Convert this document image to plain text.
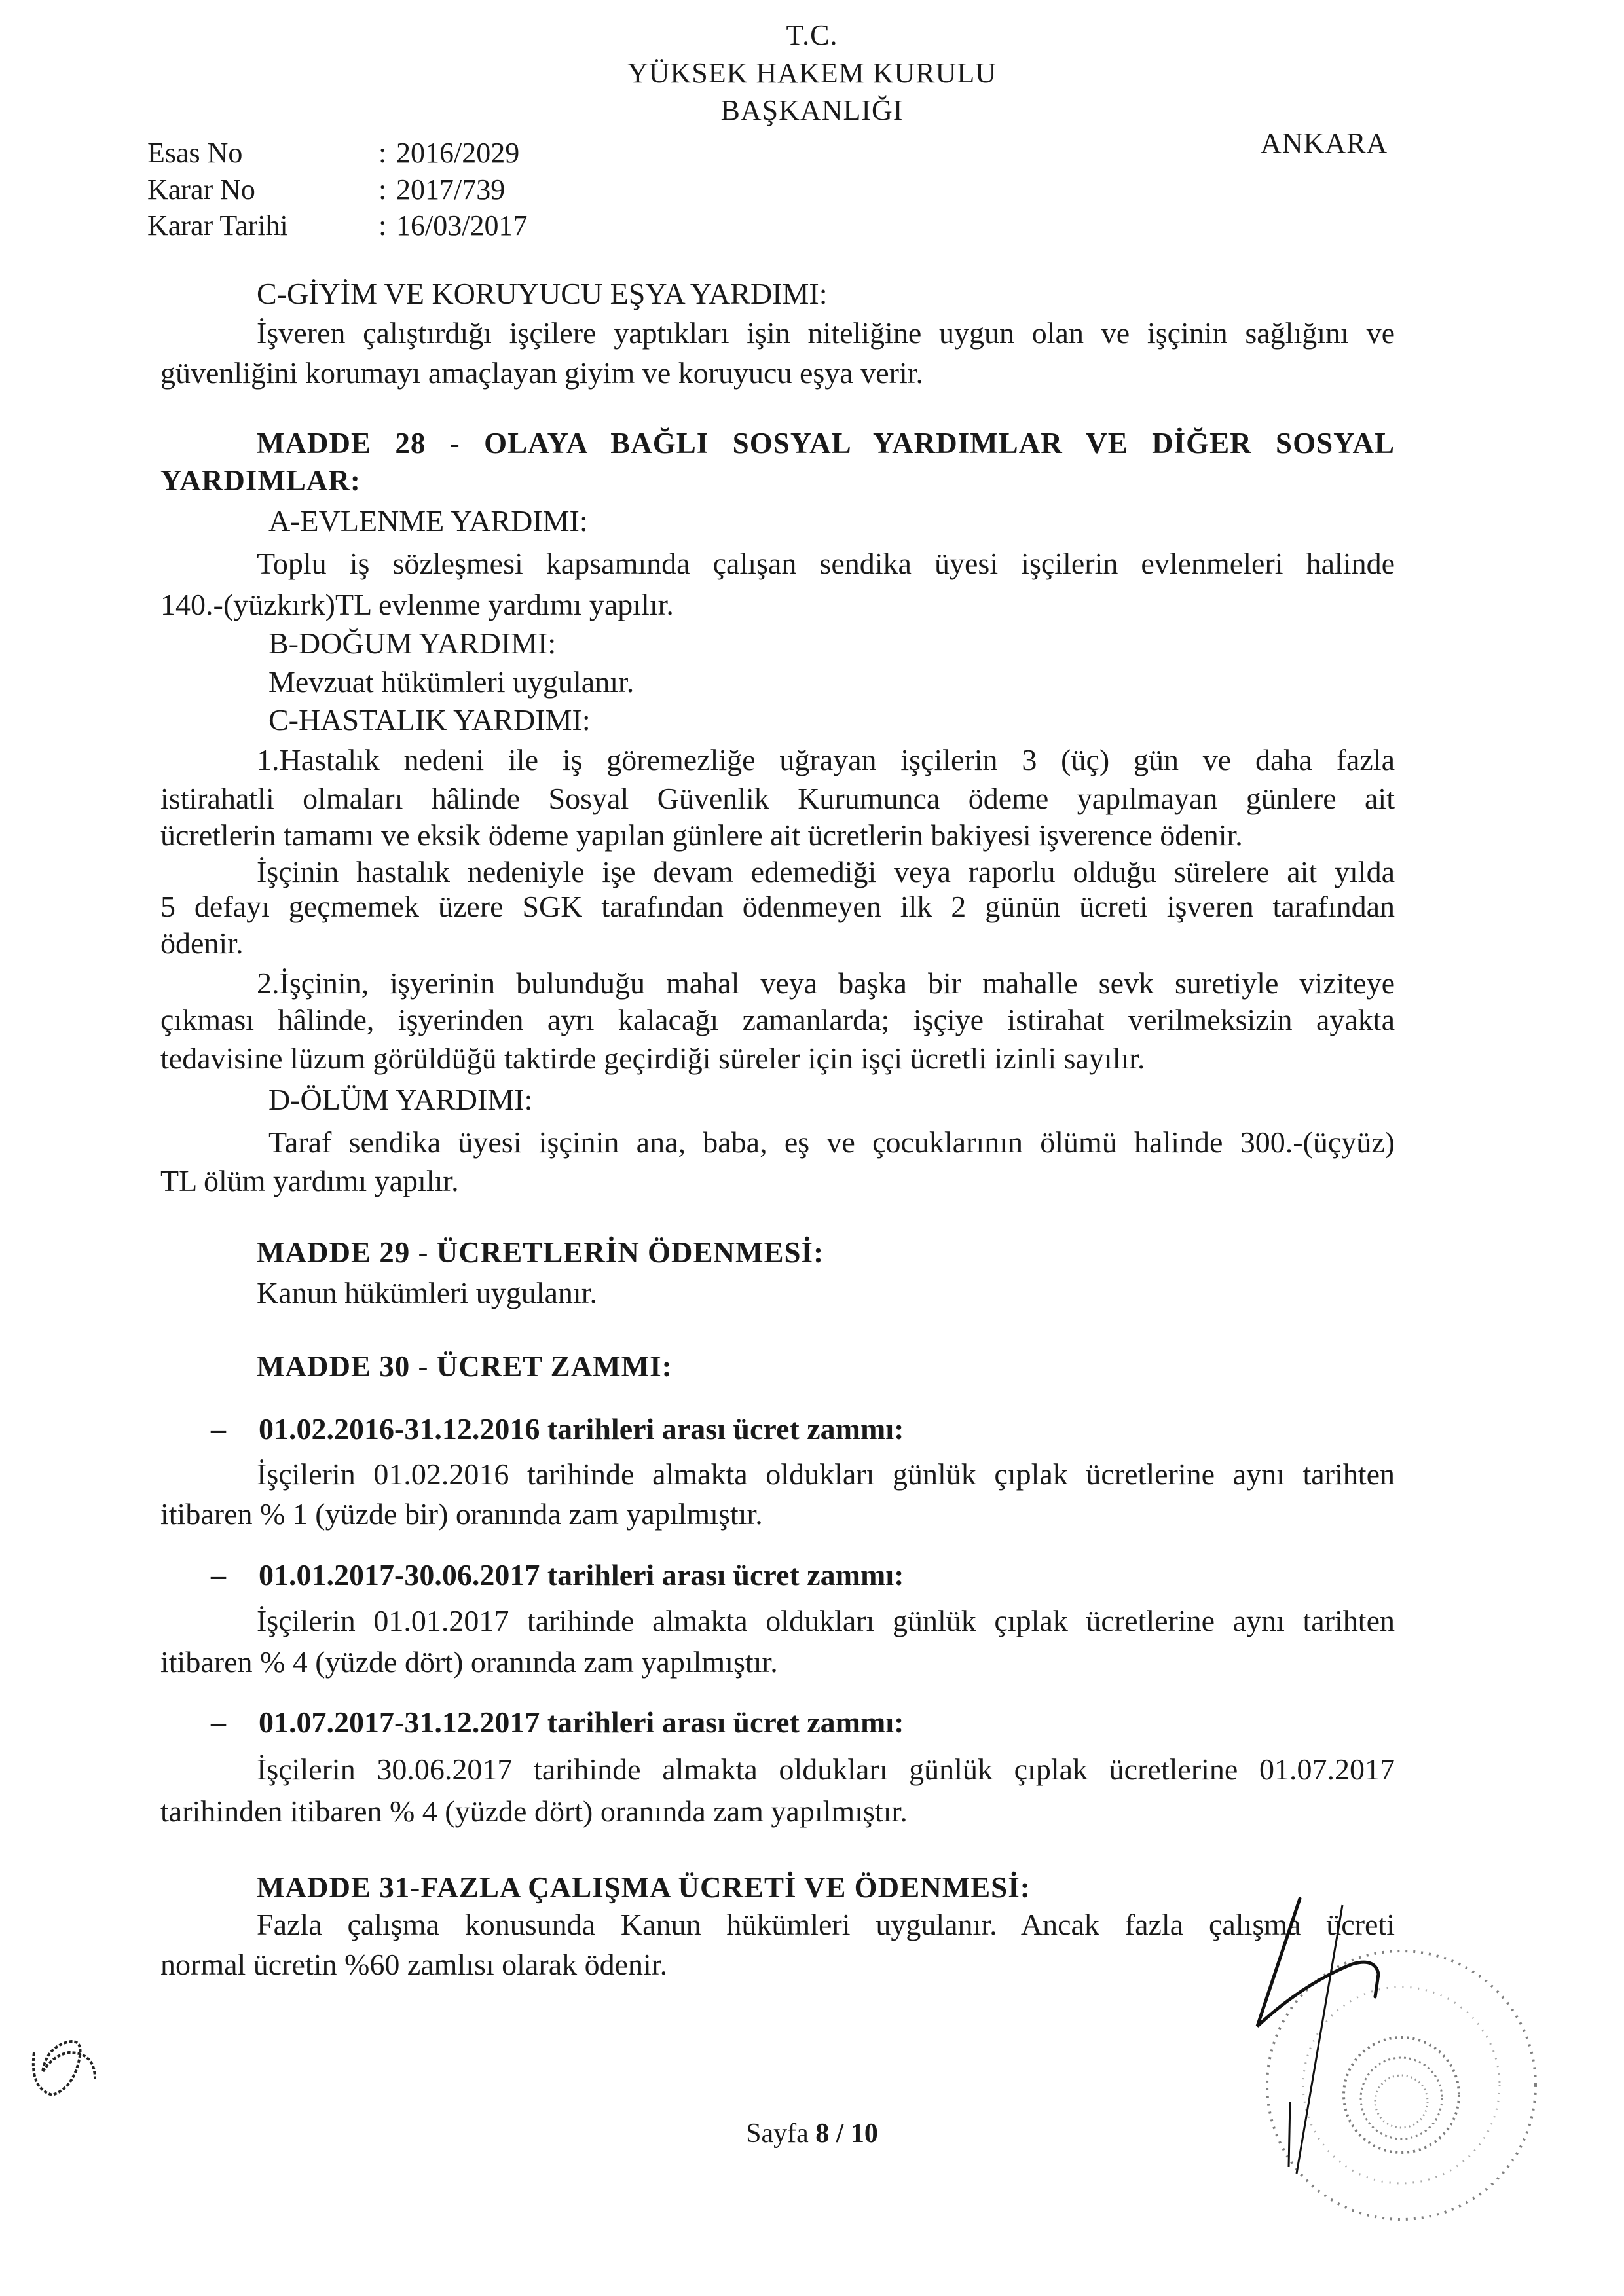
T.C.
YÜKSEK HAKEM KURULU
BAŞKANLIĞI
ANKARA
Esas No	: 2016/2029
Karar No	: 2017/739
Karar Tarihi	: 16/03/2017
C-GİYİM VE KORUYUCU EŞYA YARDIMI:
İşveren çalıştırdığı işçilere yaptıkları işin niteliğine uygun olan ve işçinin sağlığını ve
güvenliğini korumayı amaçlayan giyim ve koruyucu eşya verir.
MADDE 28 - OLAYA BAĞLI SOSYAL YARDIMLAR VE DİĞER SOSYAL
YARDIMLAR:
A-EVLENME YARDIMI:
Toplu iş sözleşmesi kapsamında çalışan sendika üyesi işçilerin evlenmeleri halinde
140.-(yüzkırk)TL evlenme yardımı yapılır.
B-DOĞUM YARDIMI:
Mevzuat hükümleri uygulanır.
C-HASTALIK YARDIMI:
1.Hastalık nedeni ile iş göremezliğe uğrayan işçilerin 3 (üç) gün ve daha fazla
istirahatli olmaları hâlinde Sosyal Güvenlik Kurumunca ödeme yapılmayan günlere ait
ücretlerin tamamı ve eksik ödeme yapılan günlere ait ücretlerin bakiyesi işverence ödenir.
İşçinin hastalık nedeniyle işe devam edemediği veya raporlu olduğu sürelere ait yılda
5 defayı geçmemek üzere SGK tarafından ödenmeyen ilk 2 günün ücreti işveren tarafından
ödenir.
2.İşçinin, işyerinin bulunduğu mahal veya başka bir mahalle sevk suretiyle viziteye
çıkması hâlinde, işyerinden ayrı kalacağı zamanlarda; işçiye istirahat verilmeksizin ayakta
tedavisine lüzum görüldüğü taktirde geçirdiği süreler için işçi ücretli izinli sayılır.
D-ÖLÜM YARDIMI:
Taraf sendika üyesi işçinin ana, baba, eş ve çocuklarının ölümü halinde 300.-(üçyüz)
TL ölüm yardımı yapılır.
MADDE 29 - ÜCRETLERİN ÖDENMESİ:
Kanun hükümleri uygulanır.
MADDE 30 - ÜCRET ZAMMI:
– 01.02.2016-31.12.2016 tarihleri arası ücret zammı:
İşçilerin 01.02.2016 tarihinde almakta oldukları günlük çıplak ücretlerine aynı tarihten
itibaren % 1 (yüzde bir) oranında zam yapılmıştır.
– 01.01.2017-30.06.2017 tarihleri arası ücret zammı:
İşçilerin 01.01.2017 tarihinde almakta oldukları günlük çıplak ücretlerine aynı tarihten
itibaren % 4 (yüzde dört) oranında zam yapılmıştır.
– 01.07.2017-31.12.2017 tarihleri arası ücret zammı:
İşçilerin 30.06.2017 tarihinde almakta oldukları günlük çıplak ücretlerine 01.07.2017
tarihinden itibaren % 4 (yüzde dört) oranında zam yapılmıştır.
MADDE 31-FAZLA ÇALIŞMA ÜCRETİ VE ÖDENMESİ:
Fazla çalışma konusunda Kanun hükümleri uygulanır. Ancak fazla çalışma ücreti
normal ücretin %60 zamlısı olarak ödenir.
Sayfa 8 / 10
